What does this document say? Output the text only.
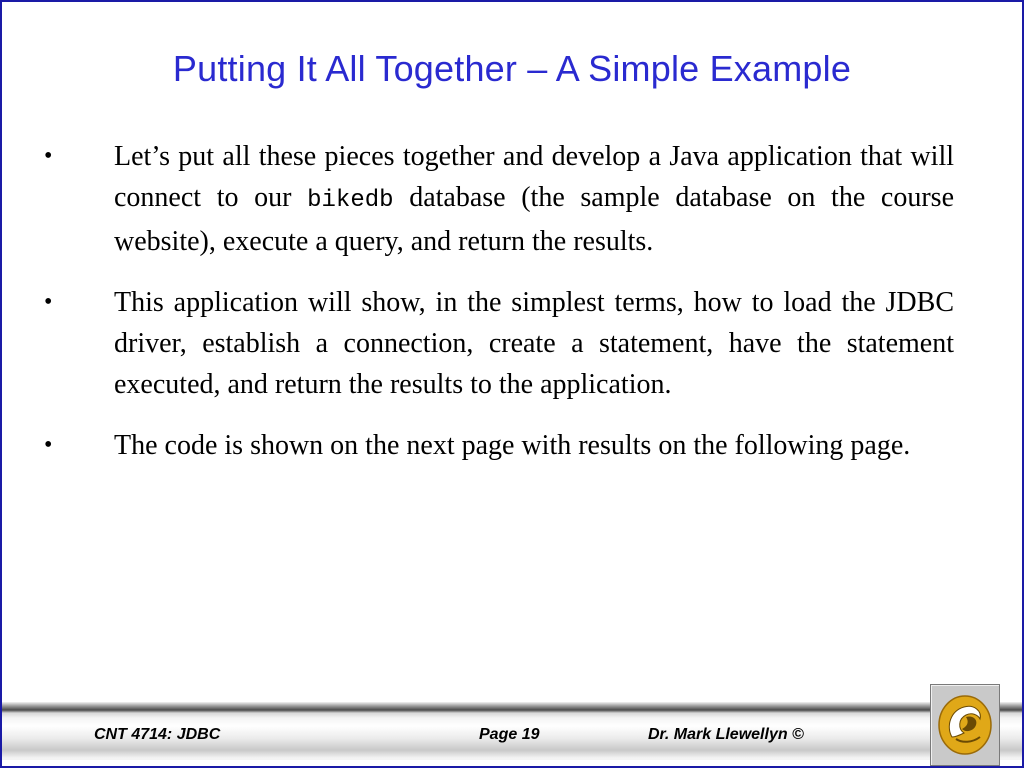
Putting It All Together – A Simple Example
• Let’s put all these pieces together and develop a Java application that will connect to our bikedb database (the sample database on the course website), execute a query, and return the results.
• This application will show, in the simplest terms, how to load the JDBC driver, establish a connection, create a statement, have the statement executed, and return the results to the application.
• The code is shown on the next page with results on the following page.
CNT 4714: JDBC	Page 19	Dr. Mark Llewellyn ©
